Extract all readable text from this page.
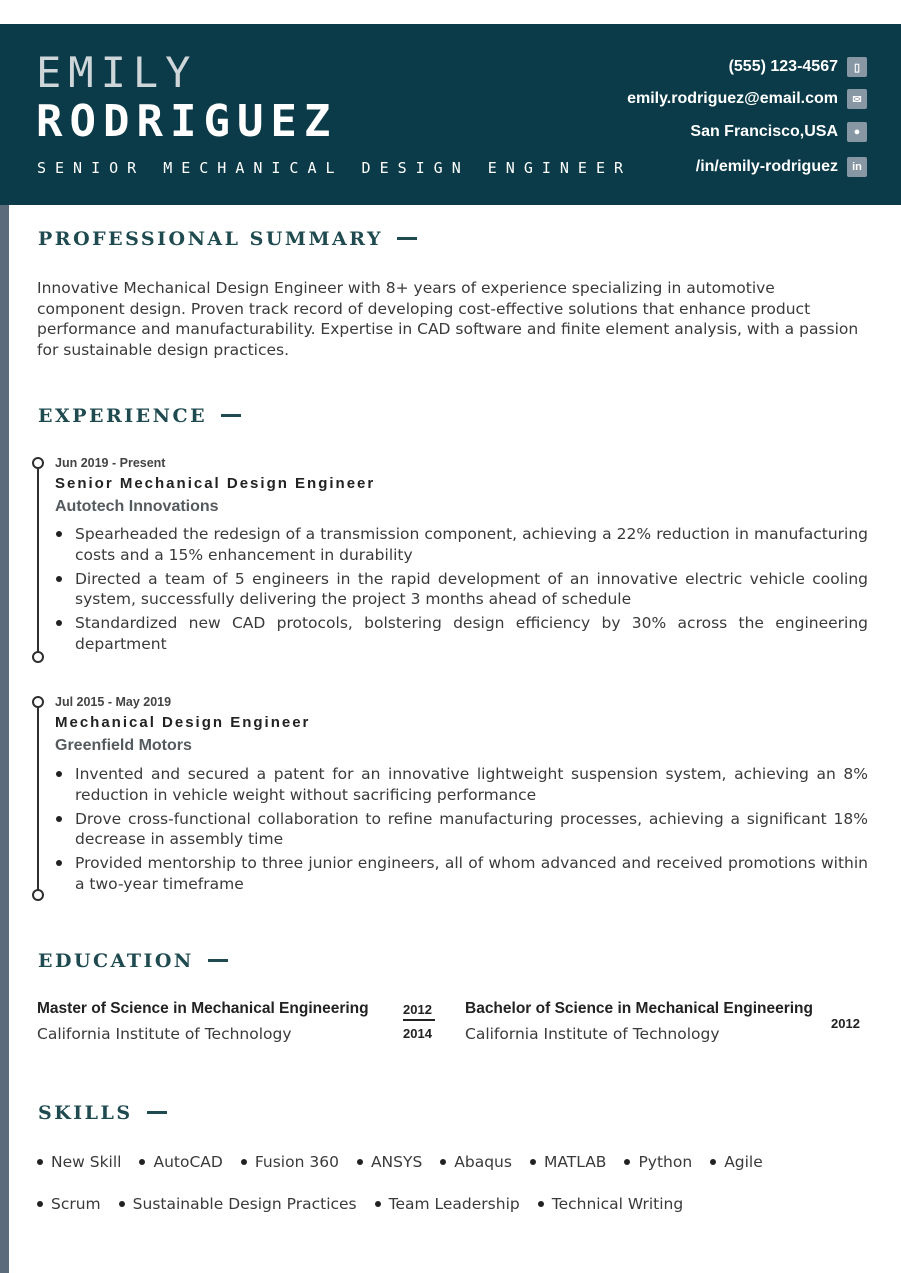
EMILY
RODRIGUEZ
SENIOR MECHANICAL DESIGN ENGINEER
(555) 123-4567	▯
emily.rodriguez@email.com	✉
San Francisco,USA	●
/in/emily-rodriguez	in
PROFESSIONAL SUMMARY
Innovative Mechanical Design Engineer with 8+ years of experience specializing in automotive component design. Proven track record of developing cost-effective solutions that enhance product performance and manufacturability. Expertise in CAD software and finite element analysis, with a passion for sustainable design practices.
EXPERIENCE
Jun 2019 - Present
Senior Mechanical Design Engineer
Autotech Innovations
Spearheaded the redesign of a transmission component, achieving a 22% reduction in manufacturing costs and a 15% enhancement in durability
Directed a team of 5 engineers in the rapid development of an innovative electric vehicle cooling system, successfully delivering the project 3 months ahead of schedule
Standardized new CAD protocols, bolstering design efficiency by 30% across the engineering department
Jul 2015 - May 2019
Mechanical Design Engineer
Greenfield Motors
Invented and secured a patent for an innovative lightweight suspension system, achieving an 8% reduction in vehicle weight without sacrificing performance
Drove cross-functional collaboration to refine manufacturing processes, achieving a significant 18% decrease in assembly time
Provided mentorship to three junior engineers, all of whom advanced and received promotions within a two-year timeframe
EDUCATION
Master of Science in Mechanical Engineering
California Institute of Technology
2012
2014
Bachelor of Science in Mechanical Engineering
California Institute of Technology
2012
SKILLS
New Skill	AutoCAD	Fusion 360	ANSYS	Abaqus	MATLAB	Python	Agile
Scrum	Sustainable Design Practices	Team Leadership	Technical Writing
